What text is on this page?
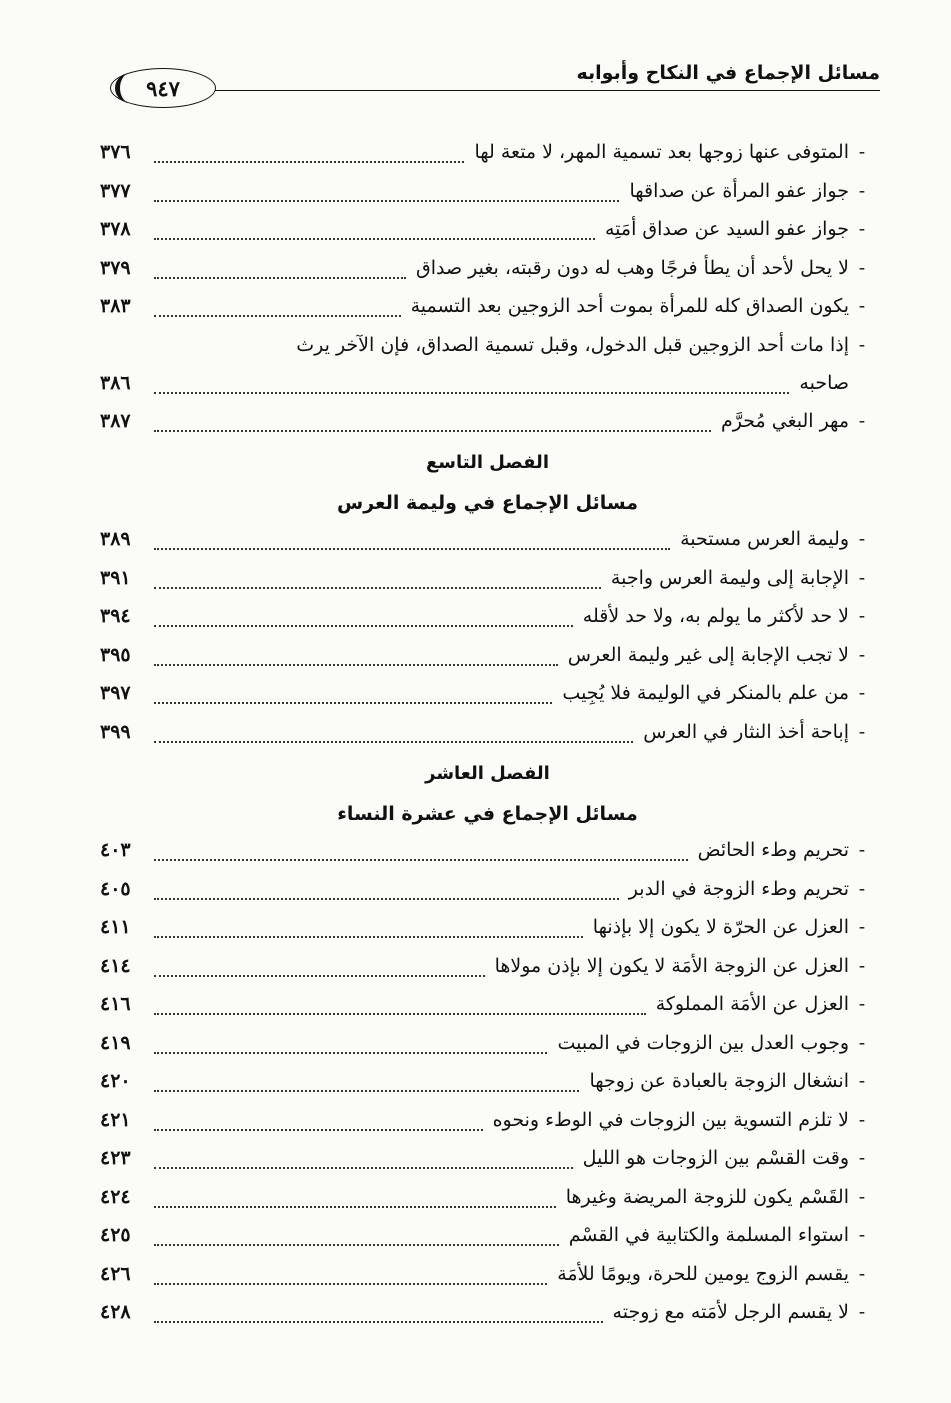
مسائل الإجماع في النكاح وأبوابه
٩٤٧
-
المتوفى عنها زوجها بعد تسمية المهر، لا متعة لها
٣٧٦
-
جواز عفو المرأة عن صداقها
٣٧٧
-
جواز عفو السيد عن صداق أمَتِه
٣٧٨
-
لا يحل لأحد أن يطأ فرجًا وهب له دون رقبته، بغير صداق
٣٧٩
-
يكون الصداق كله للمرأة بموت أحد الزوجين بعد التسمية
٣٨٣
-
إذا مات أحد الزوجين قبل الدخول، وقبل تسمية الصداق، فإن الآخر يرث
صاحبه
٣٨٦
-
مهر البغي مُحرَّم
٣٨٧
الفصل التاسع
مسائل الإجماع في وليمة العرس
-
وليمة العرس مستحبة
٣٨٩
-
الإجابة إلى وليمة العرس واجبة
٣٩١
-
لا حد لأكثر ما يولم به، ولا حد لأقله
٣٩٤
-
لا تجب الإجابة إلى غير وليمة العرس
٣٩٥
-
من علم بالمنكر في الوليمة فلا يُجِيب
٣٩٧
-
إباحة أخذ النثار في العرس
٣٩٩
الفصل العاشر
مسائل الإجماع في عشرة النساء
-
تحريم وطء الحائض
٤٠٣
-
تحريم وطء الزوجة في الدبر
٤٠٥
-
العزل عن الحرّة لا يكون إلا بإذنها
٤١١
-
العزل عن الزوجة الأمَة لا يكون إلا بإذن مولاها
٤١٤
-
العزل عن الأمَة المملوكة
٤١٦
-
وجوب العدل بين الزوجات في المبيت
٤١٩
-
انشغال الزوجة بالعبادة عن زوجها
٤٢٠
-
لا تلزم التسوية بين الزوجات في الوطء ونحوه
٤٢١
-
وقت القسْم بين الزوجات هو الليل
٤٢٣
-
القَسْم يكون للزوجة المريضة وغيرها
٤٢٤
-
استواء المسلمة والكتابية في القسْم
٤٢٥
-
يقسم الزوج يومين للحرة، ويومًا للأمَة
٤٢٦
-
لا يقسم الرجل لأمَته مع زوجته
٤٢٨
